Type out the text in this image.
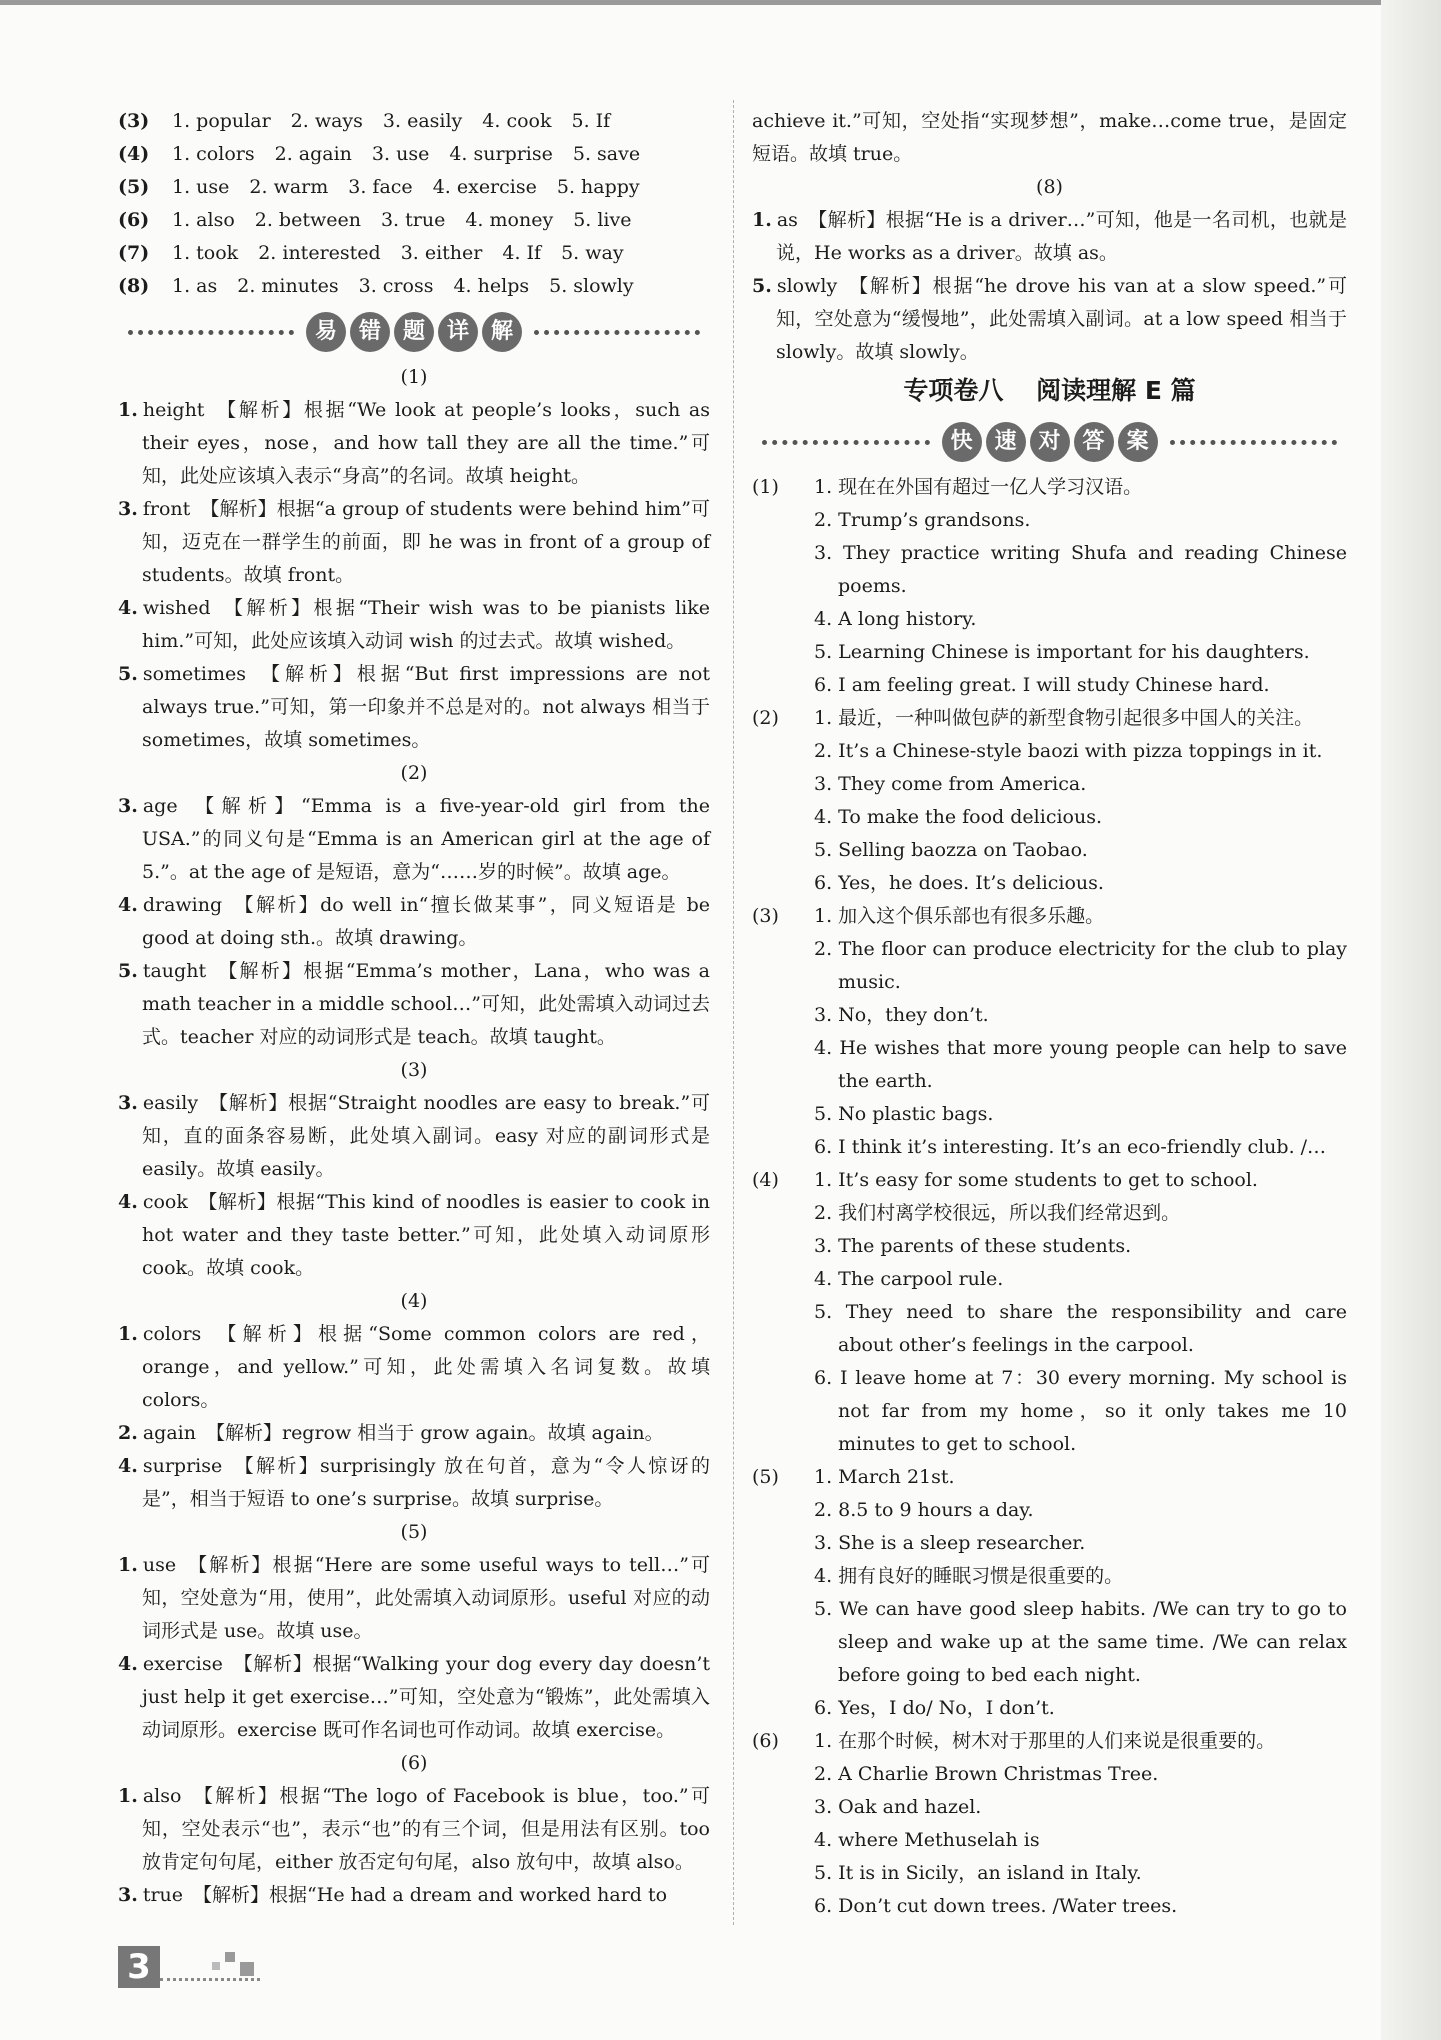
(3)	1. popular 2. ways 3. easily 4. cook 5. If
(4)	1. colors 2. again 3. use 4. surprise 5. save
(5)	1. use 2. warm 3. face 4. exercise 5. happy
(6)	1. also 2. between 3. true 4. money 5. live
(7)	1. took 2. interested 3. either 4. If 5. way
(8)	1. as 2. minutes 3. cross 4. helps 5. slowly
易 错 题 详 解
(1)
1. height 【解析】根据“We look at people’s looks，such as their eyes，nose，and how tall they are all the time.”可知，此处应该填入表示“身高”的名词。故填 height。
3. front 【解析】根据“a group of students were behind him”可知，迈克在一群学生的前面，即 he was in front of a group of students。故填 front。
4. wished 【解析】根据“Their wish was to be pianists like him.”可知，此处应该填入动词 wish 的过去式。故填 wished。
5. sometimes 【解析】根据“But first impressions are not always true.”可知，第一印象并不总是对的。not always 相当于 sometimes，故填 sometimes。
(2)
3. age 【解析】“Emma is a five-year-old girl from the USA.”的同义句是“Emma is an American girl at the age of 5.”。at the age of 是短语，意为“……岁的时候”。故填 age。
4. drawing 【解析】do well in“擅长做某事”，同义短语是 be good at doing sth.。故填 drawing。
5. taught 【解析】根据“Emma’s mother，Lana，who was a math teacher in a middle school…”可知，此处需填入动词过去式。teacher 对应的动词形式是 teach。故填 taught。
(3)
3. easily 【解析】根据“Straight noodles are easy to break.”可知，直的面条容易断，此处填入副词。easy 对应的副词形式是 easily。故填 easily。
4. cook 【解析】根据“This kind of noodles is easier to cook in hot water and they taste better.”可知，此处填入动词原形 cook。故填 cook。
(4)
1. colors 【解析】根据“Some common colors are red，orange，and yellow.”可知，此处需填入名词复数。故填 colors。
2. again 【解析】regrow 相当于 grow again。故填 again。
4. surprise 【解析】surprisingly 放在句首，意为“令人惊讶的是”，相当于短语 to one’s surprise。故填 surprise。
(5)
1. use 【解析】根据“Here are some useful ways to tell…”可知，空处意为“用，使用”，此处需填入动词原形。useful 对应的动词形式是 use。故填 use。
4. exercise 【解析】根据“Walking your dog every day doesn’t just help it get exercise…”可知，空处意为“锻炼”，此处需填入动词原形。exercise 既可作名词也可作动词。故填 exercise。
(6)
1. also 【解析】根据“The logo of Facebook is blue，too.”可知，空处表示“也”，表示“也”的有三个词，但是用法有区别。too 放肯定句句尾，either 放否定句句尾，also 放句中，故填 also。
3. true 【解析】根据“He had a dream and worked hard to
achieve it.”可知，空处指“实现梦想”，make…come true，是固定短语。故填 true。
(8)
1. as 【解析】根据“He is a driver…”可知，他是一名司机，也就是说，He works as a driver。故填 as。
5. slowly 【解析】根据“he drove his van at a slow speed.”可知，空处意为“缓慢地”，此处需填入副词。at a low speed 相当于 slowly。故填 slowly。
专项卷八 阅读理解 E 篇
快 速 对 答 案
(1)	1. 现在在外国有超过一亿人学习汉语。
2. Trump’s grandsons.
3. They practice writing Shufa and reading Chinese poems.
4. A long history.
5. Learning Chinese is important for his daughters.
6. I am feeling great. I will study Chinese hard.
(2)	1. 最近，一种叫做包萨的新型食物引起很多中国人的关注。
2. It’s a Chinese-style baozi with pizza toppings in it.
3. They come from America.
4. To make the food delicious.
5. Selling baozza on Taobao.
6. Yes，he does. It’s delicious.
(3)	1. 加入这个俱乐部也有很多乐趣。
2. The floor can produce electricity for the club to play music.
3. No，they don’t.
4. He wishes that more young people can help to save the earth.
5. No plastic bags.
6. I think it’s interesting. It’s an eco-friendly club. /…
(4)	1. It’s easy for some students to get to school.
2. 我们村离学校很远，所以我们经常迟到。
3. The parents of these students.
4. The carpool rule.
5. They need to share the responsibility and care about other’s feelings in the carpool.
6. I leave home at 7：30 every morning. My school is not far from my home，so it only takes me 10 minutes to get to school.
(5)	1. March 21st.
2. 8.5 to 9 hours a day.
3. She is a sleep researcher.
4. 拥有良好的睡眠习惯是很重要的。
5. We can have good sleep habits. /We can try to go to sleep and wake up at the same time. /We can relax before going to bed each night.
6. Yes，I do/ No，I don’t.
(6)	1. 在那个时候，树木对于那里的人们来说是很重要的。
2. A Charlie Brown Christmas Tree.
3. Oak and hazel.
4. where Methuselah is
5. It is in Sicily，an island in Italy.
6. Don’t cut down trees. /Water trees.
3
